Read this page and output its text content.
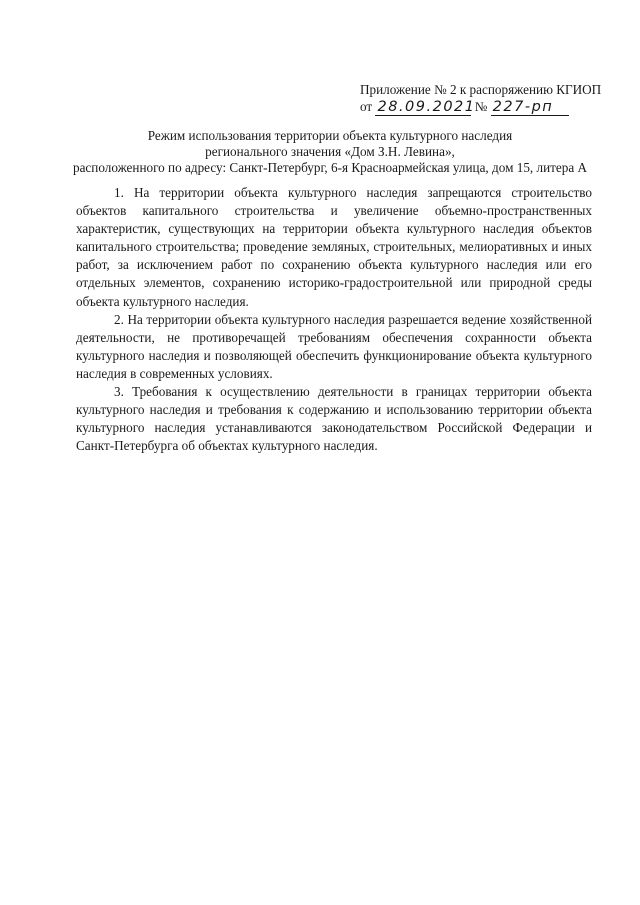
Приложение № 2 к распоряжению КГИОП
от 28.09.2021 № 227-рп
Режим использования территории объекта культурного наследия
регионального значения «Дом З.Н. Левина»,
расположенного по адресу: Санкт-Петербург, 6-я Красноармейская улица, дом 15, литера А

1. На территории объекта культурного наследия запрещаются строительство объектов капитального строительства и увеличение объемно-пространственных характеристик, существующих на территории объекта культурного наследия объектов капитального строительства; проведение земляных, строительных, мелиоративных и иных работ, за исключением работ по сохранению объекта культурного наследия или его отдельных элементов, сохранению историко-градостроительной или природной среды объекта культурного наследия.

2. На территории объекта культурного наследия разрешается ведение хозяйственной деятельности, не противоречащей требованиям обеспечения сохранности объекта культурного наследия и позволяющей обеспечить функционирование объекта культурного наследия в современных условиях.

3. Требования к осуществлению деятельности в границах территории объекта культурного наследия и требования к содержанию и использованию территории объекта культурного наследия устанавливаются законодательством Российской Федерации и Санкт-Петербурга об объектах культурного наследия.
